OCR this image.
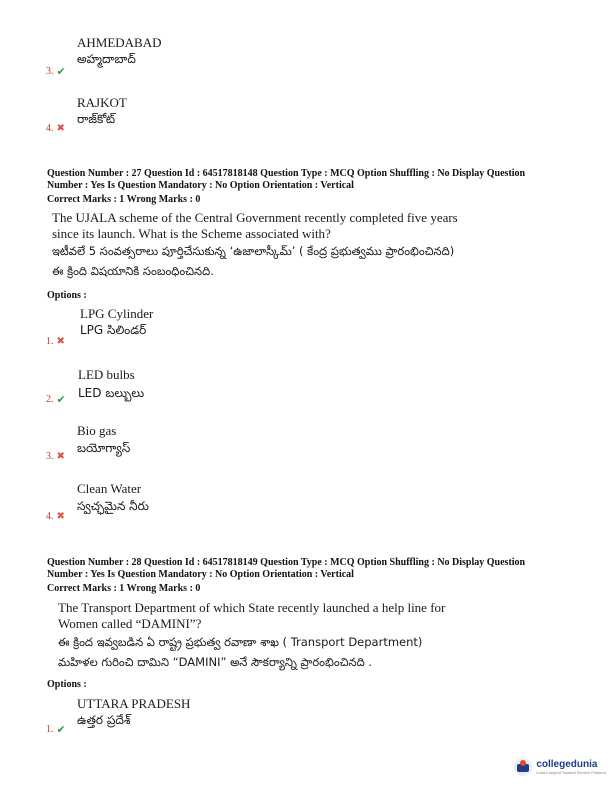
AHMEDABAD
అహ్మదాబాద్
3. ✔
RAJKOT
రాజ్‌కోట్
4. ✖
Question Number : 27 Question Id : 64517818148 Question Type : MCQ Option Shuffling : No Display Question
Number : Yes Is Question Mandatory : No Option Orientation : Vertical
Correct Marks : 1 Wrong Marks : 0
The UJALA scheme of the Central Government recently completed five years
since its launch. What is the Scheme associated with?
ఇటీవలే 5 సంవత్సరాలు పూర్తిచేసుకున్న ‘ఉజాలాస్కీమ్’ ( కేంద్ర ప్రభుత్వము ప్రారంభించినది)
ఈ క్రింది విషయానికి సంబంధించినది.
Options :
LPG Cylinder
LPG సిలిండర్
1. ✖
LED bulbs
LED బల్బులు
2. ✔
Bio gas
బయోగ్యాస్
3. ✖
Clean Water
స్వచ్ఛమైన నీరు
4. ✖
Question Number : 28 Question Id : 64517818149 Question Type : MCQ Option Shuffling : No Display Question
Number : Yes Is Question Mandatory : No Option Orientation : Vertical
Correct Marks : 1 Wrong Marks : 0
The Transport Department of which State recently launched a help line for
Women called “DAMINI”?
ఈ క్రింద ఇవ్వబడిన ఏ రాష్ట్ర ప్రభుత్వ రవాణా శాఖ ( Transport Department)
మహిళల గురించి దామిని “DAMINI” అనే సౌకర్యాన్ని ప్రారంభించినది .
Options :
UTTARA PRADESH
ఉత్తర ప్రదేశ్
1. ✔
collegedunia
India's largest Student Review Platform
